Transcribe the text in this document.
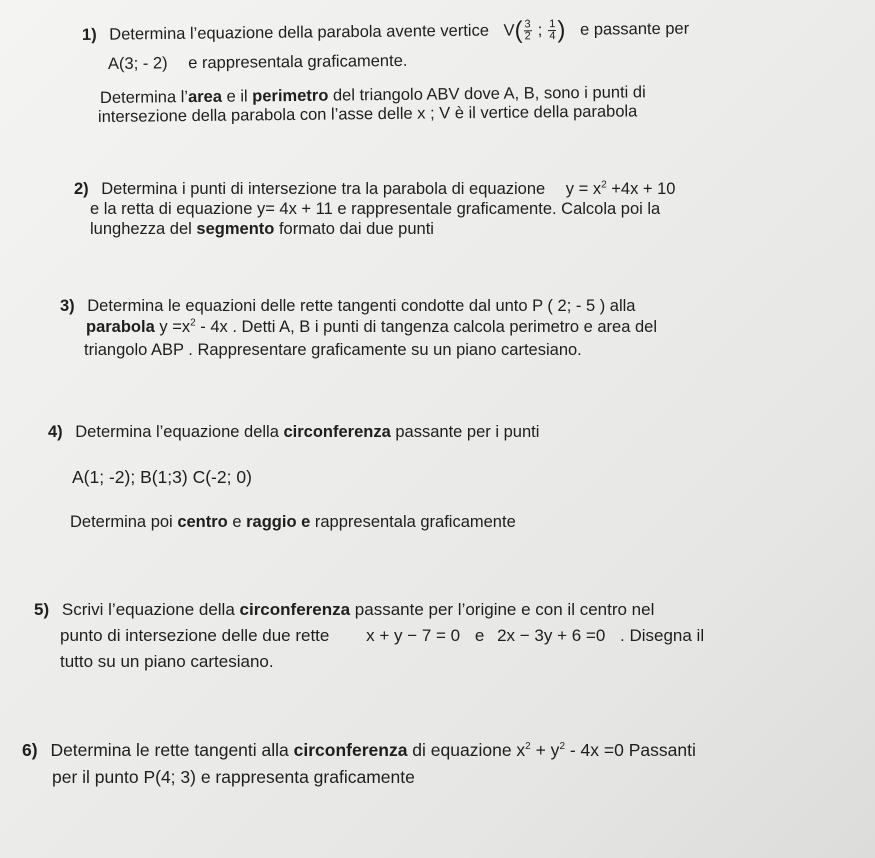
1) Determina l’equazione della parabola avente vertice $V( \frac{3}{2}$ ; $\frac{1}{4}$ ) e passante per
A(3; - 2) e rappresentala graficamente.
Determina l’area e il perimetro del triangolo ABV dove A, B, sono i punti di
intersezione della parabola con l’asse delle x ; V è il vertice della parabola
2) Determina i punti di intersezione tra la parabola di equazione $y = x^2 +4x + 10$
e la retta di equazione y= 4x + 11 e rappresentale graficamente. Calcola poi la
lunghezza del segmento formato dai due punti
3) Determina le equazioni delle rette tangenti condotte dal unto P ( 2; - 5 ) alla
parabola $y =x^2 - 4x$ . Detti A, B i punti di tangenza calcola perimetro e area del
triangolo ABP . Rappresentare graficamente su un piano cartesiano.
4) Determina l’equazione della circonferenza passante per i punti
A(1; -2); B(1;3) C(-2; 0)
Determina poi centro e raggio e rappresentala graficamente
5) Scrivi l’equazione della circonferenza passante per l’origine e con il centro nel
punto di intersezione delle due rette x + y − 7 = 0 e 2x − 3y + 6 =0 . Disegna il
tutto su un piano cartesiano.
6) Determina le rette tangenti alla circonferenza di equazione $x^2 + y^2 - 4x =0$ Passanti
per il punto P(4; 3) e rappresenta graficamente
